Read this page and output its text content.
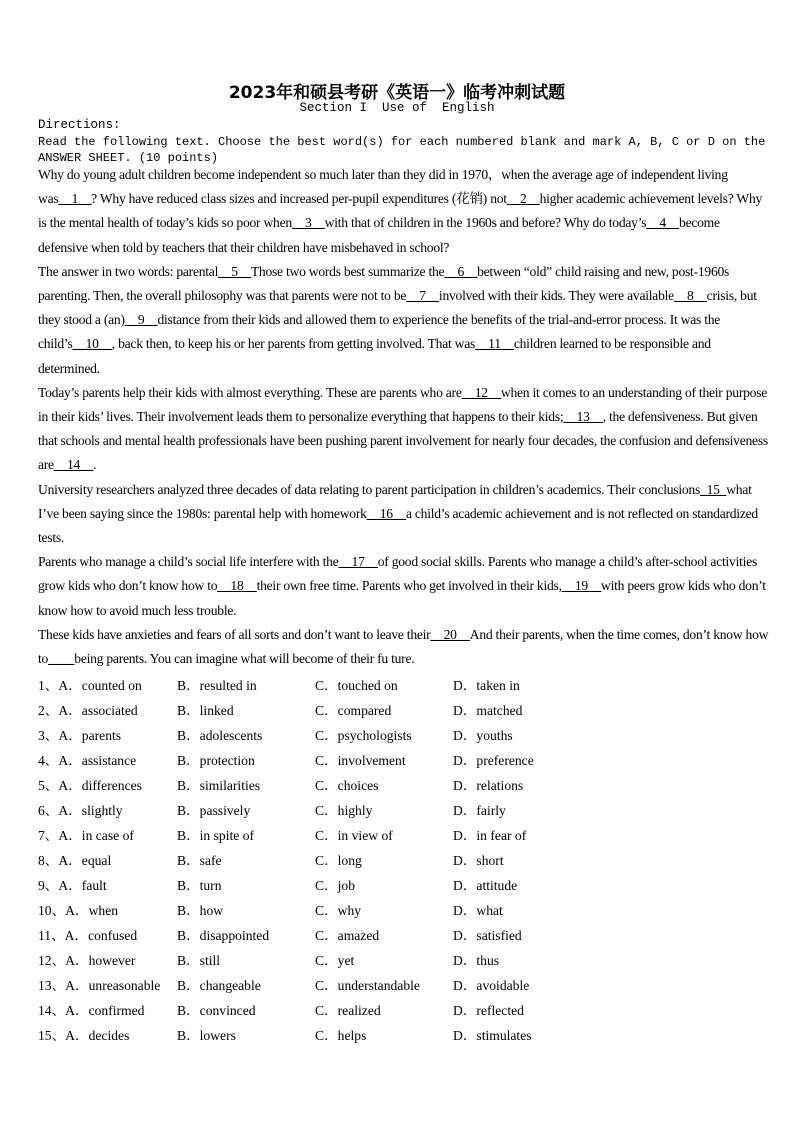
2023年和硕县考研《英语一》临考冲刺试题
Section I  Use of  English
Directions:
Read the following text. Choose the best word(s) for each numbered blank and mark A, B, C or D on the ANSWER SHEET. (10 points)

Why do young adult children become independent so much later than they did in 1970，when the average age of independent living was__1__? Why have reduced class sizes and increased per-pupil expenditures (花销) not__2__higher academic achievement levels? Why is the mental health of today’s kids so poor when__3__with that of children in the 1960s and before? Why do today’s__4__become defensive when told by teachers that their children have misbehaved in school?

The answer in two words: parental__5__Those two words best summarize the__6__between “old” child raising and new, post-1960s parenting. Then, the overall philosophy was that parents were not to be__7__involved with their kids. They were available__8__crisis, but they stood a (an)__9__distance from their kids and allowed them to experience the benefits of the trial-and-error process. It was the child’s__10__, back then, to keep his or her parents from getting involved. That was__11__children learned to be responsible and determined.

Today’s parents help their kids with almost everything. These are parents who are__12__when it comes to an understanding of their purpose in their kids’ lives. Their involvement leads them to personalize everything that happens to their kids;__13__, the defensiveness. But given that schools and mental health professionals have been pushing parent involvement for nearly four decades, the confusion and defensiveness are__14__.

University researchers analyzed three decades of data relating to parent participation in children’s academics. Their conclusions_15_what I’ve been saying since the 1980s: parental help with homework__16__a child’s academic achievement and is not reflected on standardized tests.

Parents who manage a child’s social life interfere with the__17__of good social skills. Parents who manage a child’s after-school activities grow kids who don’t know how to__18__their own free time. Parents who get involved in their kids,__19__with peers grow kids who don’t know how to avoid much less trouble.

These kids have anxieties and fears of all sorts and don’t want to leave their__20__And their parents, when the time comes, don’t know how to____being parents. You can imagine what will become of their fu ture.

1、A．counted on	B．resulted in	C．touched on	D．taken in
2、A．associated	B．linked	C．compared	D．matched
3、A．parents	B．adolescents	C．psychologists	D．youths
4、A．assistance	B．protection	C．involvement	D．preference
5、A．differences	B．similarities	C．choices	D．relations
6、A．slightly	B．passively	C．highly	D．fairly
7、A．in case of	B．in spite of	C．in view of	D．in fear of
8、A．equal	B．safe	C．long	D．short
9、A．fault	B．turn	C．job	D．attitude
10、A．when	B．how	C．why	D．what
11、A．confused	B．disappointed	C．amazed	D．satisfied
12、A．however	B．still	C．yet	D．thus
13、A．unreasonable B．changeable	C．understandable D．avoidable
14、A．confirmed B．convinced	C．realized	D．reflected
15、A．decides	B．lowers	C．helps	D．stimulates
